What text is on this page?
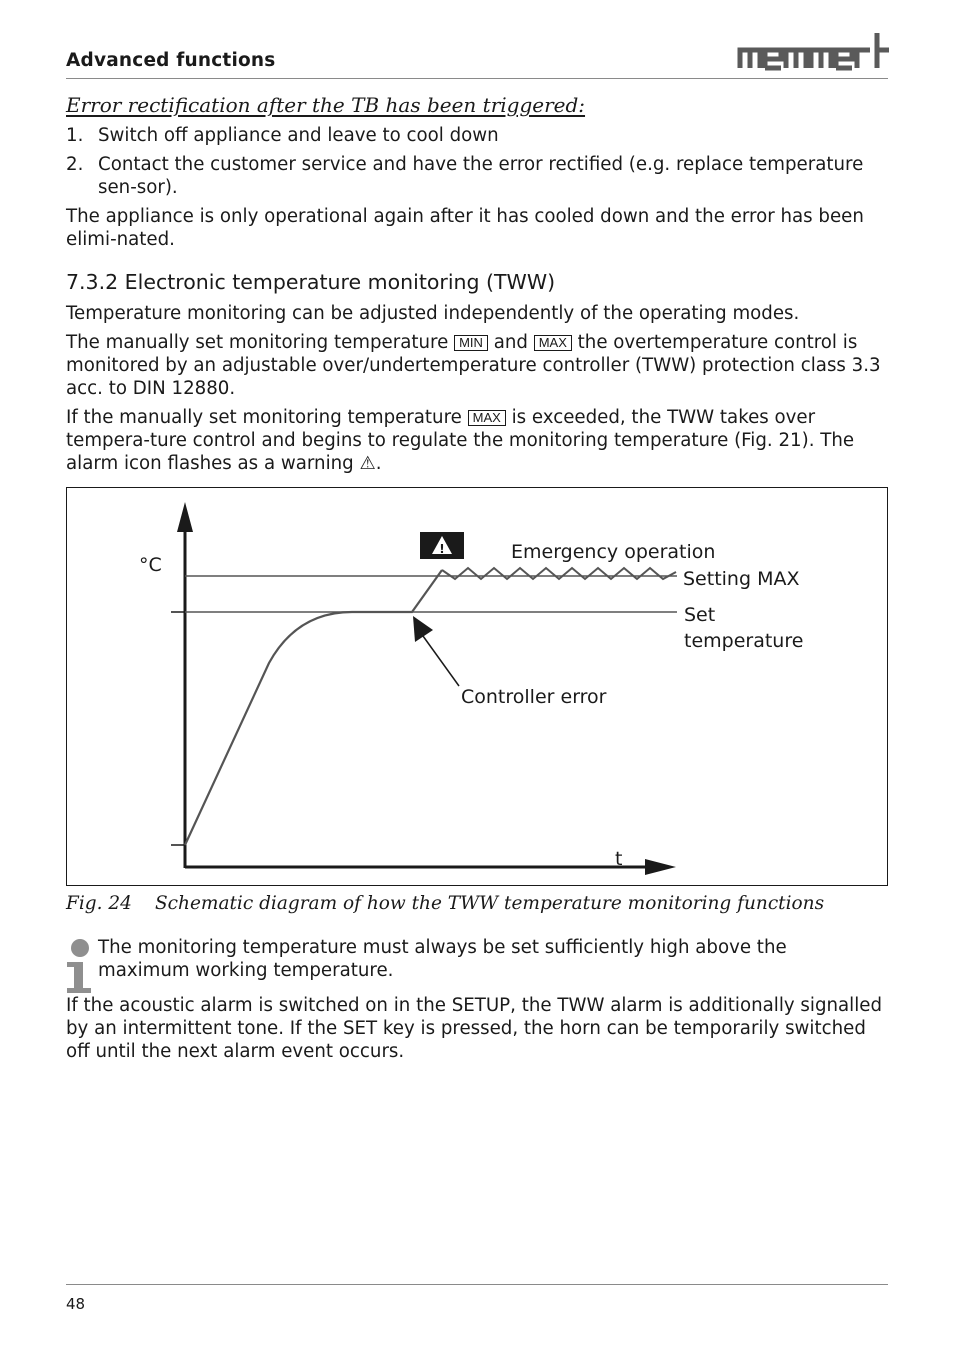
Advanced functions
Error rectification after the TB has been triggered:
1. Switch off appliance and leave to cool down
2. Contact the customer service and have the error rectified (e.g. replace temperature sen-sor).
The appliance is only operational again after it has cooled down and the error has been elimi-nated.
7.3.2 Electronic temperature monitoring (TWW)
Temperature monitoring can be adjusted independently of the operating modes.
The manually set monitoring temperature MIN and MAX the overtemperature control is monitored by an adjustable over/undertemperature controller (TWW) protection class 3.3 acc. to DIN 12880.
If the manually set monitoring temperature MAX is exceeded, the TWW takes over tempera-ture control and begins to regulate the monitoring temperature (Fig. 21). The alarm icon flashes as a warning ⚠.
!
°C
t
Emergency operation
Setting MAX
Set
temperature
Controller error
Fig. 24 Schematic diagram of how the TWW temperature monitoring functions
The monitoring temperature must always be set sufficiently high above the maximum working temperature.
If the acoustic alarm is switched on in the SETUP, the TWW alarm is additionally signalled by an intermittent tone. If the SET key is pressed, the horn can be temporarily switched off until the next alarm event occurs.
48
